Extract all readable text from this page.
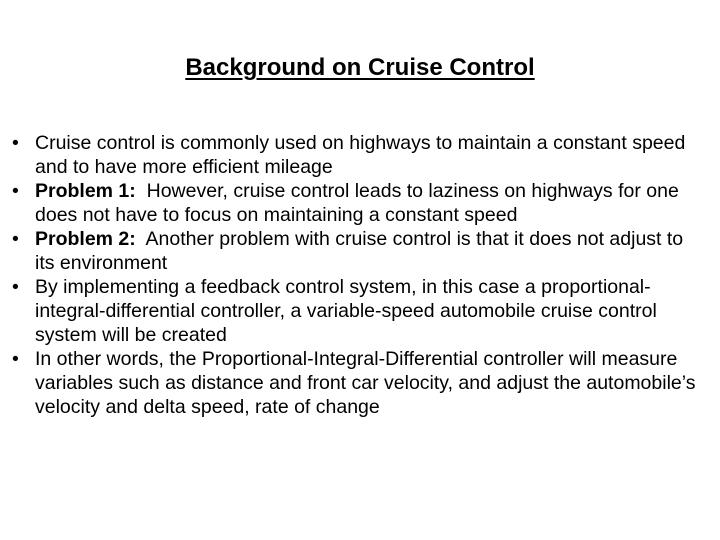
Background on Cruise Control
• Cruise control is commonly used on highways to maintain a constant speed and to have more efficient mileage
• Problem 1:  However, cruise control leads to laziness on highways for one does not have to focus on maintaining a constant speed
• Problem 2:  Another problem with cruise control is that it does not adjust to its environment
• By implementing a feedback control system, in this case a proportional-integral-differential controller, a variable-speed automobile cruise control system will be created
• In other words, the Proportional-Integral-Differential controller will measure variables such as distance and front car velocity, and adjust the automobile’s velocity and delta speed, rate of change
